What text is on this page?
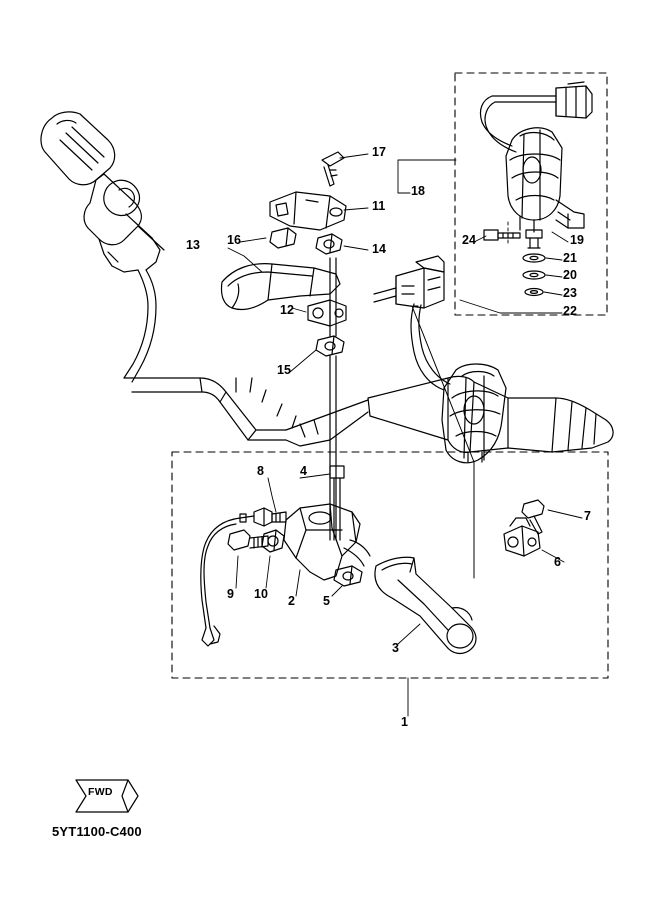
1
2
3
4
5
6
7
8
9 10
11
12
13	14
15
16
17
18
19
20
21
22
23
24
FWD
5YT1100-C400
